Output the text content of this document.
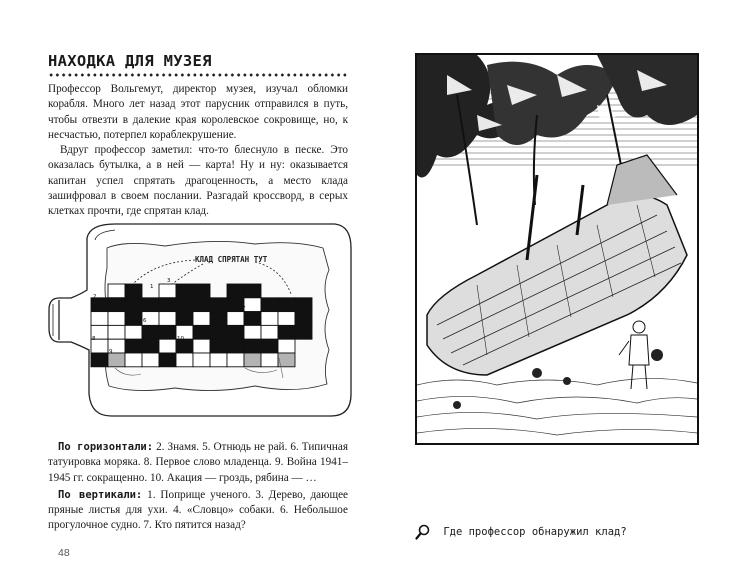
НАХОДКА ДЛЯ МУЗЕЯ

Профессор Вольгемут, директор музея, изучал обломки корабля. Много лет назад этот парусник отправился в путь, чтобы отвезти в далекие края королевское сокровище, но, к несчастью, потерпел кораблекрушение.

Вдруг профессор заметил: что-то блеснуло в песке. Это оказалась бутылка, а в ней — карта! Ну и ну: оказывается капитан успел спрятать драгоценность, а место клада зашифровал в своем послании. Разгадай кроссворд, в серых клетках прочти, где спрятан клад.

КЛАД СПРЯТАН ТУТ
1
2
3
4
5
6
7
8
9
10

По горизонтали: 2. Знамя. 5. Отнюдь не рай. 6. Типичная татуировка моряка. 8. Первое слово младенца. 9. Война 1941–1945 гг. сокращенно. 10. Акация — гроздь, рябина — …

По вертикали: 1. Поприще ученого. 3. Дерево, дающее пряные листья для ухи. 4. «Словцо» собаки. 6. Небольшое прогулочное судно. 7. Кто пятится назад?

48
Где профессор обнаружил клад?
